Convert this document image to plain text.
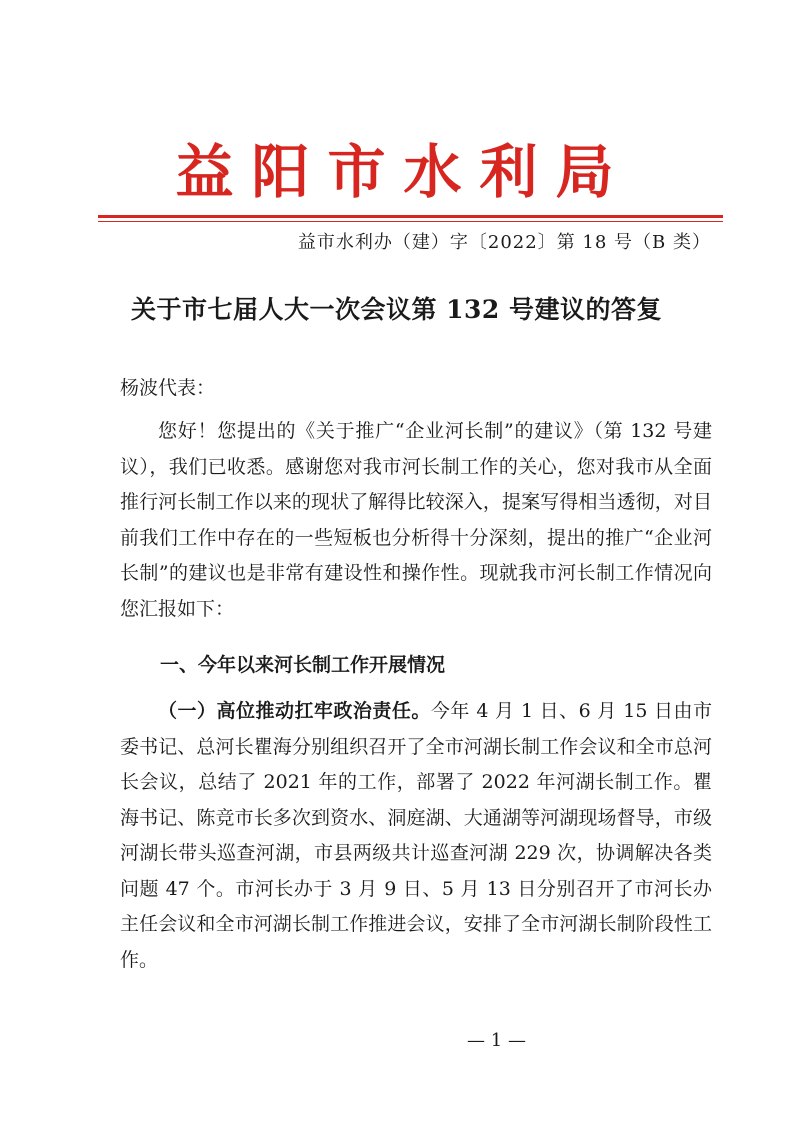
益阳市水利局
益市水利办（建）字〔2022〕第 18 号（B 类）
关于市七届人大一次会议第 132 号建议的答复
杨波代表：

您好！您提出的《关于推广“企业河长制”的建议》（第 132 号建议），我们已收悉。感谢您对我市河长制工作的关心，您对我市从全面推行河长制工作以来的现状了解得比较深入，提案写得相当透彻，对目前我们工作中存在的一些短板也分析得十分深刻，提出的推广“企业河长制”的建议也是非常有建设性和操作性。现就我市河长制工作情况向您汇报如下：

一、今年以来河长制工作开展情况

（一）高位推动扛牢政治责任。今年 4 月 1 日、6 月 15 日由市委书记、总河长瞿海分别组织召开了全市河湖长制工作会议和全市总河长会议，总结了 2021 年的工作，部署了 2022 年河湖长制工作。瞿海书记、陈竞市长多次到资水、洞庭湖、大通湖等河湖现场督导，市级河湖长带头巡查河湖，市县两级共计巡查河湖 229 次，协调解决各类问题 47 个。市河长办于 3 月 9 日、5 月 13 日分别召开了市河长办主任会议和全市河湖长制工作推进会议，安排了全市河湖长制阶段性工作。

— 1 —
